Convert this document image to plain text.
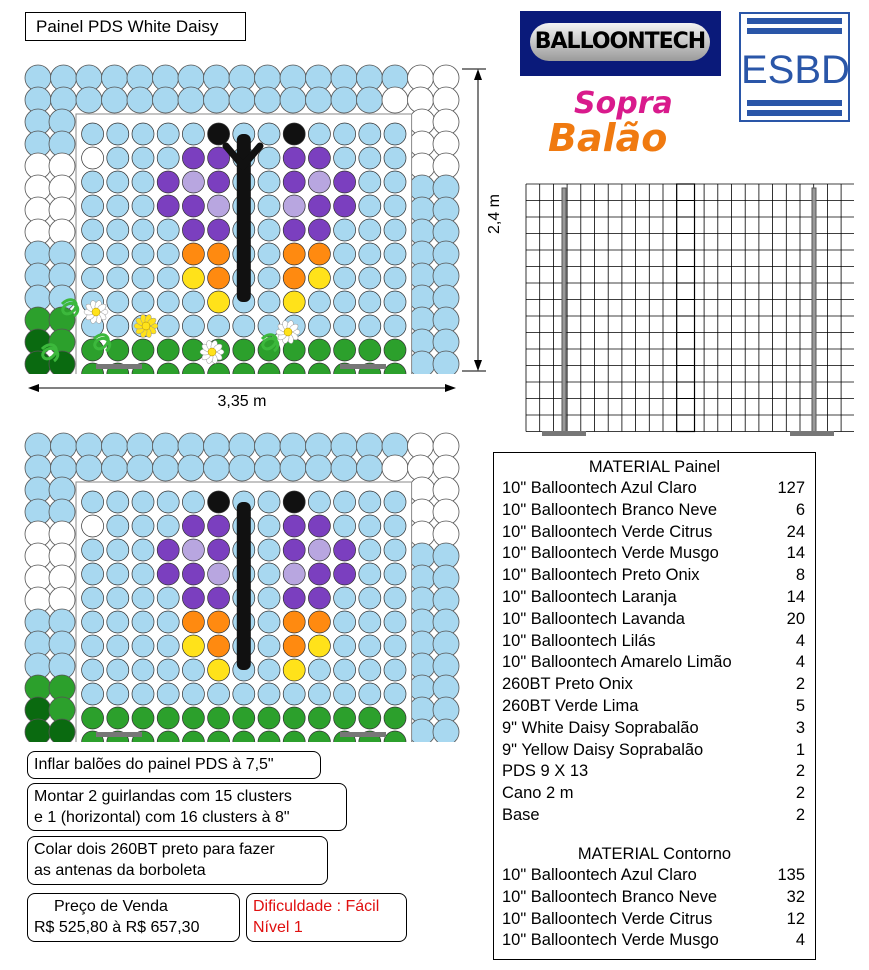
Painel PDS White Daisy
BALLOONTECH
ESBD
Sopra
Balão
2,4 m
3,35 m
MATERIAL Painel
10" Balloontech Azul Claro	127
10" Balloontech Branco Neve	6
10" Balloontech Verde Citrus	24
10" Balloontech Verde Musgo	14
10" Balloontech Preto Onix	8
10" Balloontech Laranja	14
10" Balloontech Lavanda	20
10" Balloontech Lilás	4
10" Balloontech Amarelo Limão	4
260BT Preto Onix	2
260BT Verde Lima	5
9" White Daisy Soprabalão	3
9" Yellow Daisy Soprabalão	1
PDS 9 X 13	2
Cano 2 m	2
Base	2
MATERIAL Contorno
10" Balloontech Azul Claro	135
10" Balloontech Branco Neve	32
10" Balloontech Verde Citrus	12
10" Balloontech Verde Musgo	4
Inflar balões do painel PDS à 7,5"
Montar 2 guirlandas com 15 clusters
e 1 (horizontal) com 16 clusters à 8"
Colar dois 260BT preto para fazer
as antenas da borboleta
Preço de Venda
R$ 525,80 à R$ 657,30
Dificuldade : Fácil
Nível 1
